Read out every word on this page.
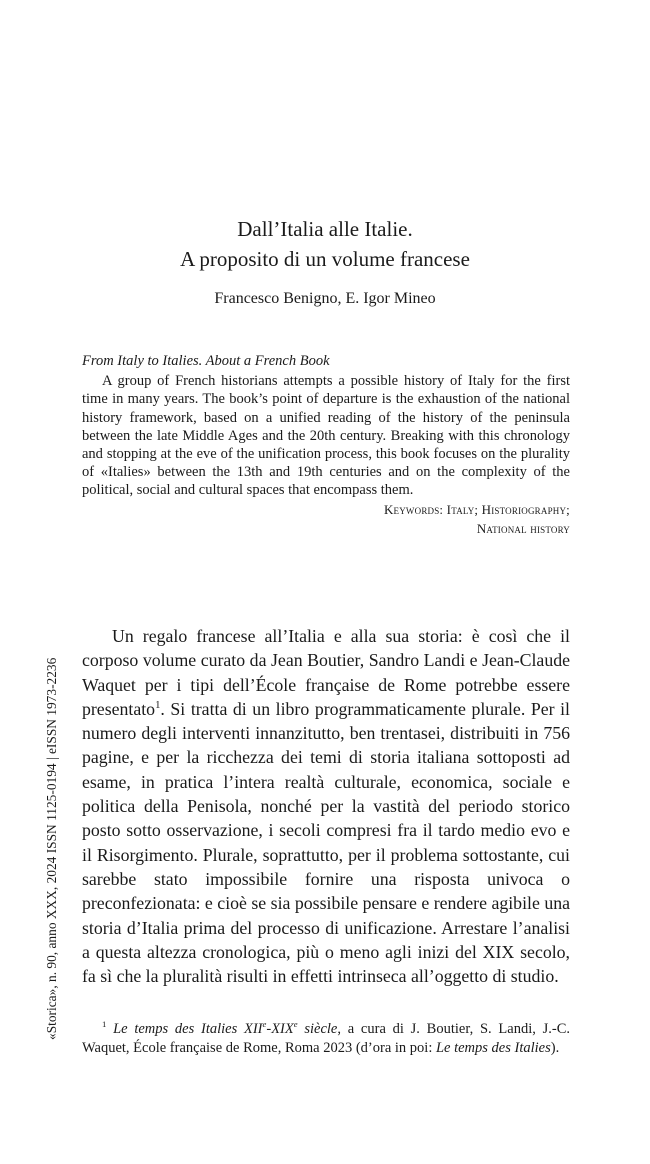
Dall’Italia alle Italie.
A proposito di un volume francese
Francesco Benigno, E. Igor Mineo
From Italy to Italies. About a French Book

A group of French historians attempts a possible history of Italy for the first time in many years. The book’s point of departure is the exhaustion of the national history framework, based on a unified reading of the history of the peninsula between the late Middle Ages and the 20th century. Breaking with this chronology and stopping at the eve of the unification process, this book focuses on the plurality of «Italies» between the 13th and 19th centuries and on the complexity of the political, social and cultural spaces that encompass them.

Keywords: Italy; Historiography;
National history

Un regalo francese all’Italia e alla sua storia: è così che il corposo volume curato da Jean Boutier, Sandro Landi e Jean-Claude Waquet per i tipi dell’École française de Rome potrebbe essere presentato$^1$. Si tratta di un libro programmaticamente plurale. Per il numero degli interventi innanzitutto, ben trentasei, distribuiti in 756 pagine, e per la ricchezza dei temi di storia italiana sottoposti ad esame, in pratica l’intera realtà culturale, economica, sociale e politica della Penisola, nonché per la vastità del periodo storico posto sotto osservazione, i secoli compresi fra il tardo medio evo e il Risorgimento. Plurale, soprattutto, per il problema sottostante, cui sarebbe stato impossibile fornire una risposta univoca o preconfezionata: e cioè se sia possibile pensare e rendere agibile una storia d’Italia prima del processo di unificazione. Arrestare l’analisi a questa altezza cronologica, più o meno agli inizi del XIX secolo, fa sì che la pluralità risulti in effetti intrinseca all’oggetto di studio.

$^1$ Le temps des Italies XIIe-XIXe siècle, a cura di J. Boutier, S. Landi, J.-C. Waquet, École française de Rome, Roma 2023 (d’ora in poi: Le temps des Italies).

«Storica», n. 90, anno XXX, 2024 ISSN 1125-0194 | eISSN 1973-2236
